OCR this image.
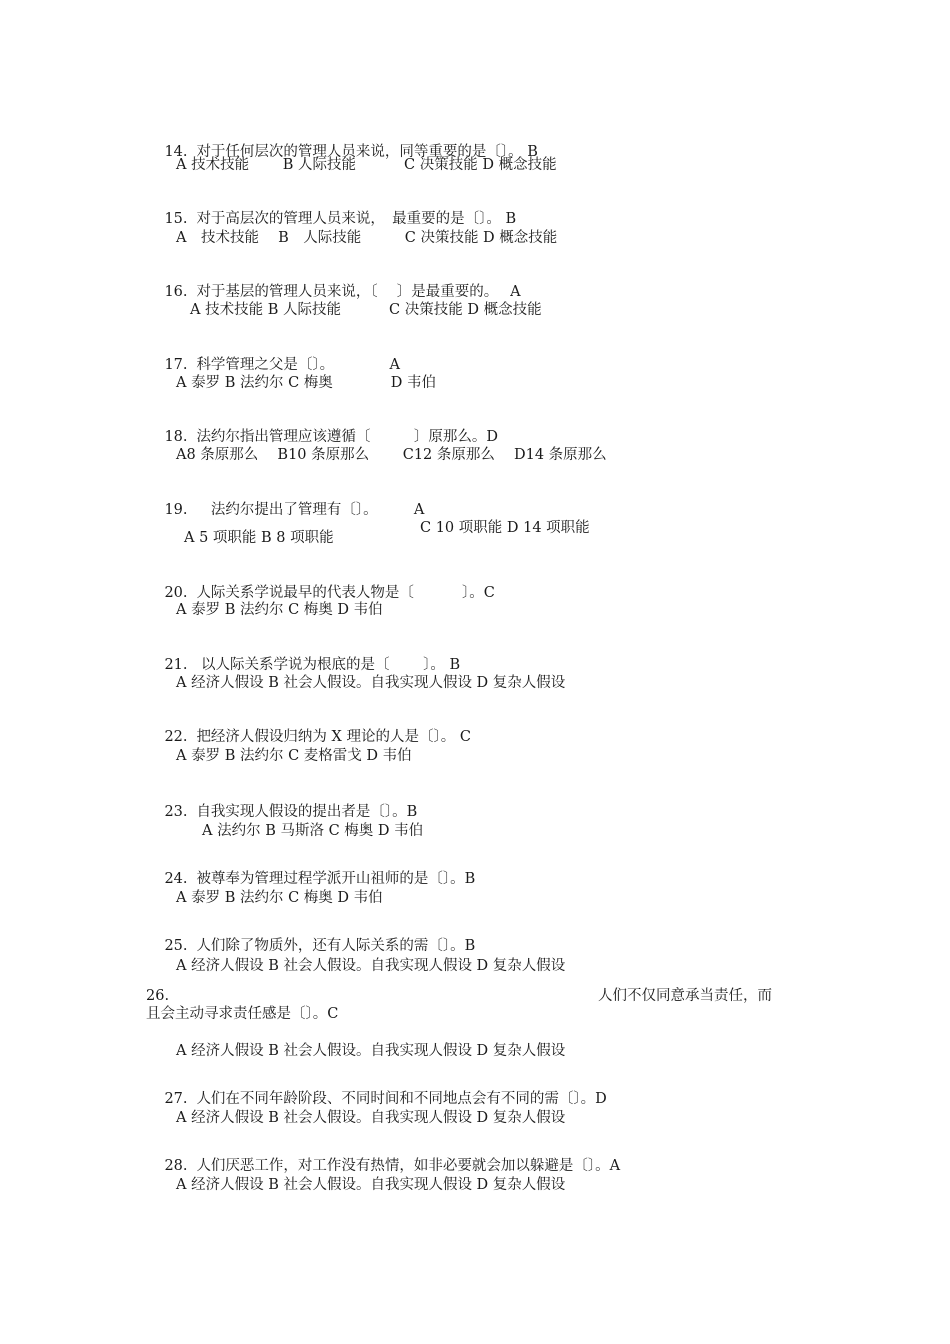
14. 对于任何层次的管理人员来说，同等重要的是〔〕。 B

A 技术技能　　 B 人际技能　　　 C 决策技能 D 概念技能

15. 对于高层次的管理人员来说，　最重要的是〔〕。 B

A　技术技能　 B　人际技能　　　C 决策技能 D 概念技能

16. 对于基层的管理人员来说，〔　 〕是最重要的。　 A

A 技术技能 B 人际技能　　　 C 决策技能 D 概念技能

17. 科学管理之父是〔〕。　　　　 A

A 泰罗 B 法约尔 C 梅奥　　　　D 韦伯

18. 法约尔指出管理应该遵循〔　　　〕原那么。D

A8 条原那么　 B10 条原那么　　 C12 条原那么　 D14 条原那么

19.　法约尔提出了管理有〔〕。　　　A

A 5 项职能 B 8 项职能
C 10 项职能 D 14 项职能

20. 人际关系学说最早的代表人物是〔　　　 〕。C

A 泰罗 B 法约尔 C 梅奥 D 韦伯

21. 以人际关系学说为根底的是〔　　 〕。 B

A 经济人假设 B 社会人假设。自我实现人假设 D 复杂人假设

22. 把经济人假设归纳为 X 理论的人是〔〕。 C

A 泰罗 B 法约尔 C 麦格雷戈 D 韦伯

23. 自我实现人假设的提出者是〔〕。B

A 法约尔 B 马斯洛 C 梅奥 D 韦伯

24. 被尊奉为管理过程学派开山祖师的是〔〕。B

A 泰罗 B 法约尔 C 梅奥 D 韦伯

25. 人们除了物质外，还有人际关系的需〔〕。B

A 经济人假设 B 社会人假设。自我实现人假设 D 复杂人假设
26.	人们不仅同意承当责任，而
且会主动寻求责任感是〔〕。C
A 经济人假设 B 社会人假设。自我实现人假设 D 复杂人假设

27. 人们在不同年龄阶段、不同时间和不同地点会有不同的需〔〕。D

A 经济人假设 B 社会人假设。自我实现人假设 D 复杂人假设

28. 人们厌恶工作，对工作没有热情，如非必要就会加以躲避是〔〕。A

A 经济人假设 B 社会人假设。自我实现人假设 D 复杂人假设
